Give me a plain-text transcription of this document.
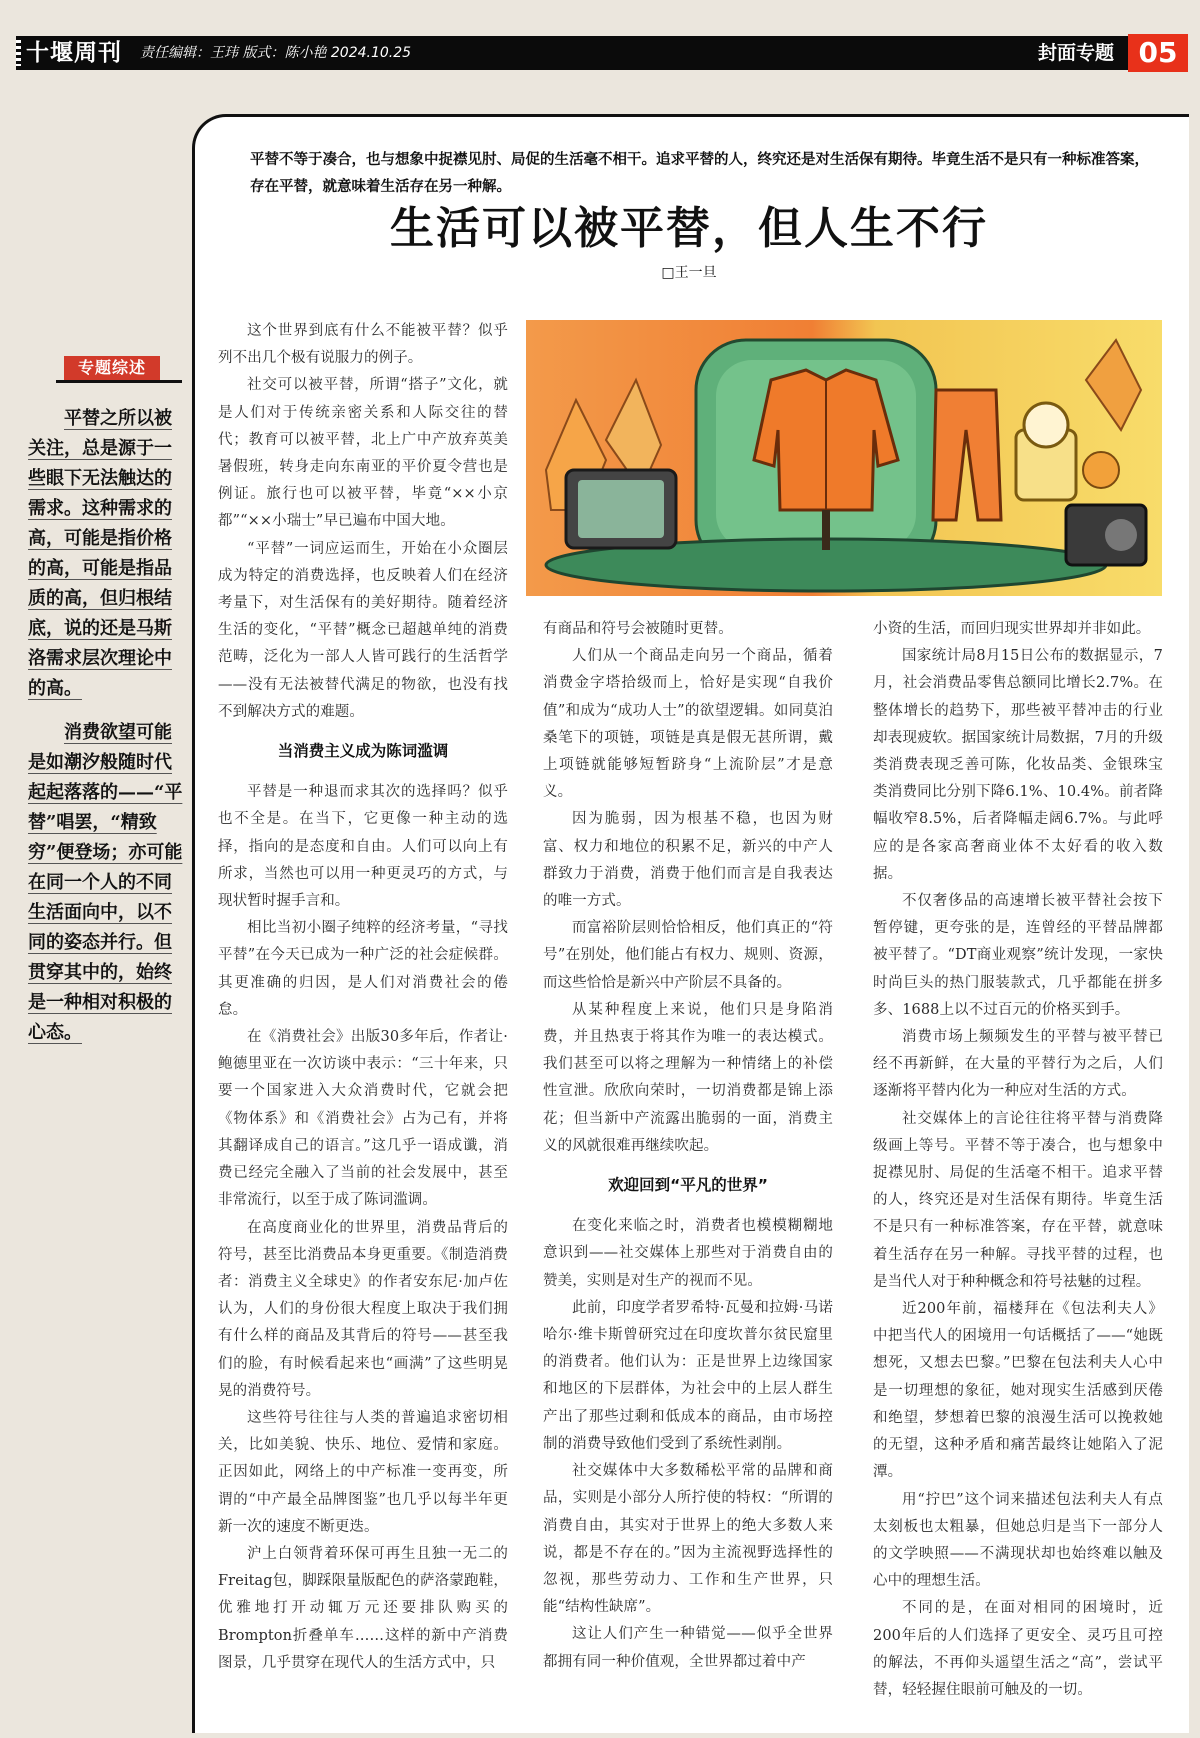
十堰周刊 责任编辑：王玮 版式：陈小艳 2024.10.25	封面专题 05
专题综述

平替之所以被关注，总是源于一些眼下无法触达的需求。这种需求的高，可能是指价格的高，可能是指品质的高，但归根结底，说的还是马斯洛需求层次理论中的高。

消费欲望可能是如潮汐般随时代起起落落的——“平替”唱罢，“精致穷”便登场；亦可能在同一个人的不同生活面向中，以不同的姿态并行。但贯穿其中的，始终是一种相对积极的心态。

平替不等于凑合，也与想象中捉襟见肘、局促的生活毫不相干。追求平替的人，终究还是对生活保有期待。毕竟生活不是只有一种标准答案，存在平替，就意味着生活存在另一种解。
生活可以被平替，但人生不行
□王一旦

这个世界到底有什么不能被平替？似乎列不出几个极有说服力的例子。

社交可以被平替，所谓“搭子”文化，就是人们对于传统亲密关系和人际交往的替代；教育可以被平替，北上广中产放弃英美暑假班，转身走向东南亚的平价夏令营也是例证。旅行也可以被平替，毕竟“××小京都”“××小瑞士”早已遍布中国大地。

“平替”一词应运而生，开始在小众圈层成为特定的消费选择，也反映着人们在经济考量下，对生活保有的美好期待。随着经济生活的变化，“平替”概念已超越单纯的消费范畴，泛化为一部人人皆可践行的生活哲学——没有无法被替代满足的物欲，也没有找不到解决方式的难题。

当消费主义成为陈词滥调

平替是一种退而求其次的选择吗？似乎也不全是。在当下，它更像一种主动的选择，指向的是态度和自由。人们可以向上有所求，当然也可以用一种更灵巧的方式，与现状暂时握手言和。

相比当初小圈子纯粹的经济考量，“寻找平替”在今天已成为一种广泛的社会症候群。其更准确的归因，是人们对消费社会的倦怠。

在《消费社会》出版30多年后，作者让·鲍德里亚在一次访谈中表示：“三十年来，只要一个国家进入大众消费时代，它就会把《物体系》和《消费社会》占为己有，并将其翻译成自己的语言。”这几乎一语成谶，消费已经完全融入了当前的社会发展中，甚至非常流行，以至于成了陈词滥调。

在高度商业化的世界里，消费品背后的符号，甚至比消费品本身更重要。《制造消费者：消费主义全球史》的作者安东尼·加卢佐认为，人们的身份很大程度上取决于我们拥有什么样的商品及其背后的符号——甚至我们的脸，有时候看起来也“画满”了这些明晃晃的消费符号。

这些符号往往与人类的普遍追求密切相关，比如美貌、快乐、地位、爱情和家庭。正因如此，网络上的中产标准一变再变，所谓的“中产最全品牌图鉴”也几乎以每半年更新一次的速度不断更迭。

沪上白领背着环保可再生且独一无二的Freitag包，脚踩限量版配色的萨洛蒙跑鞋，优雅地打开动辄万元还要排队购买的Brompton折叠单车……这样的新中产消费图景，几乎贯穿在现代人的生活方式中，只

有商品和符号会被随时更替。

人们从一个商品走向另一个商品，循着消费金字塔拾级而上，恰好是实现“自我价值”和成为“成功人士”的欲望逻辑。如同莫泊桑笔下的项链，项链是真是假无甚所谓，戴上项链就能够短暂跻身“上流阶层”才是意义。

因为脆弱，因为根基不稳，也因为财富、权力和地位的积累不足，新兴的中产人群致力于消费，消费于他们而言是自我表达的唯一方式。

而富裕阶层则恰恰相反，他们真正的“符号”在别处，他们能占有权力、规则、资源，而这些恰恰是新兴中产阶层不具备的。

从某种程度上来说，他们只是身陷消费，并且热衷于将其作为唯一的表达模式。我们甚至可以将之理解为一种情绪上的补偿性宣泄。欣欣向荣时，一切消费都是锦上添花；但当新中产流露出脆弱的一面，消费主义的风就很难再继续吹起。

欢迎回到“平凡的世界”

在变化来临之时，消费者也模模糊糊地意识到——社交媒体上那些对于消费自由的赞美，实则是对生产的视而不见。

此前，印度学者罗希特·瓦曼和拉姆·马诺哈尔·维卡斯曾研究过在印度坎普尔贫民窟里的消费者。他们认为：正是世界上边缘国家和地区的下层群体，为社会中的上层人群生产出了那些过剩和低成本的商品，由市场控制的消费导致他们受到了系统性剥削。

社交媒体中大多数稀松平常的品牌和商品，实则是小部分人所拧使的特权：“所谓的消费自由，其实对于世界上的绝大多数人来说，都是不存在的。”因为主流视野选择性的忽视，那些劳动力、工作和生产世界，只能“结构性缺席”。

这让人们产生一种错觉——似乎全世界都拥有同一种价值观，全世界都过着中产

小资的生活，而回归现实世界却并非如此。

国家统计局8月15日公布的数据显示，7月，社会消费品零售总额同比增长2.7%。在整体增长的趋势下，那些被平替冲击的行业却表现疲软。据国家统计局数据，7月的升级类消费表现乏善可陈，化妆品类、金银珠宝类消费同比分别下降6.1%、10.4%。前者降幅收窄8.5%，后者降幅走阔6.7%。与此呼应的是各家高奢商业体不太好看的收入数据。

不仅奢侈品的高速增长被平替社会按下暂停键，更夸张的是，连曾经的平替品牌都被平替了。“DT商业观察”统计发现，一家快时尚巨头的热门服装款式，几乎都能在拼多多、1688上以不过百元的价格买到手。

消费市场上频频发生的平替与被平替已经不再新鲜，在大量的平替行为之后，人们逐渐将平替内化为一种应对生活的方式。

社交媒体上的言论往往将平替与消费降级画上等号。平替不等于凑合，也与想象中捉襟见肘、局促的生活毫不相干。追求平替的人，终究还是对生活保有期待。毕竟生活不是只有一种标准答案，存在平替，就意味着生活存在另一种解。寻找平替的过程，也是当代人对于种种概念和符号祛魅的过程。

近200年前，福楼拜在《包法利夫人》中把当代人的困境用一句话概括了——“她既想死，又想去巴黎。”巴黎在包法利夫人心中是一切理想的象征，她对现实生活感到厌倦和绝望，梦想着巴黎的浪漫生活可以挽救她的无望，这种矛盾和痛苦最终让她陷入了泥潭。

用“拧巴”这个词来描述包法利夫人有点太刻板也太粗暴，但她总归是当下一部分人的文学映照——不满现状却也始终难以触及心中的理想生活。

不同的是，在面对相同的困境时，近200年后的人们选择了更安全、灵巧且可控的解法，不再仰头遥望生活之“高”，尝试平替，轻轻握住眼前可触及的一切。
